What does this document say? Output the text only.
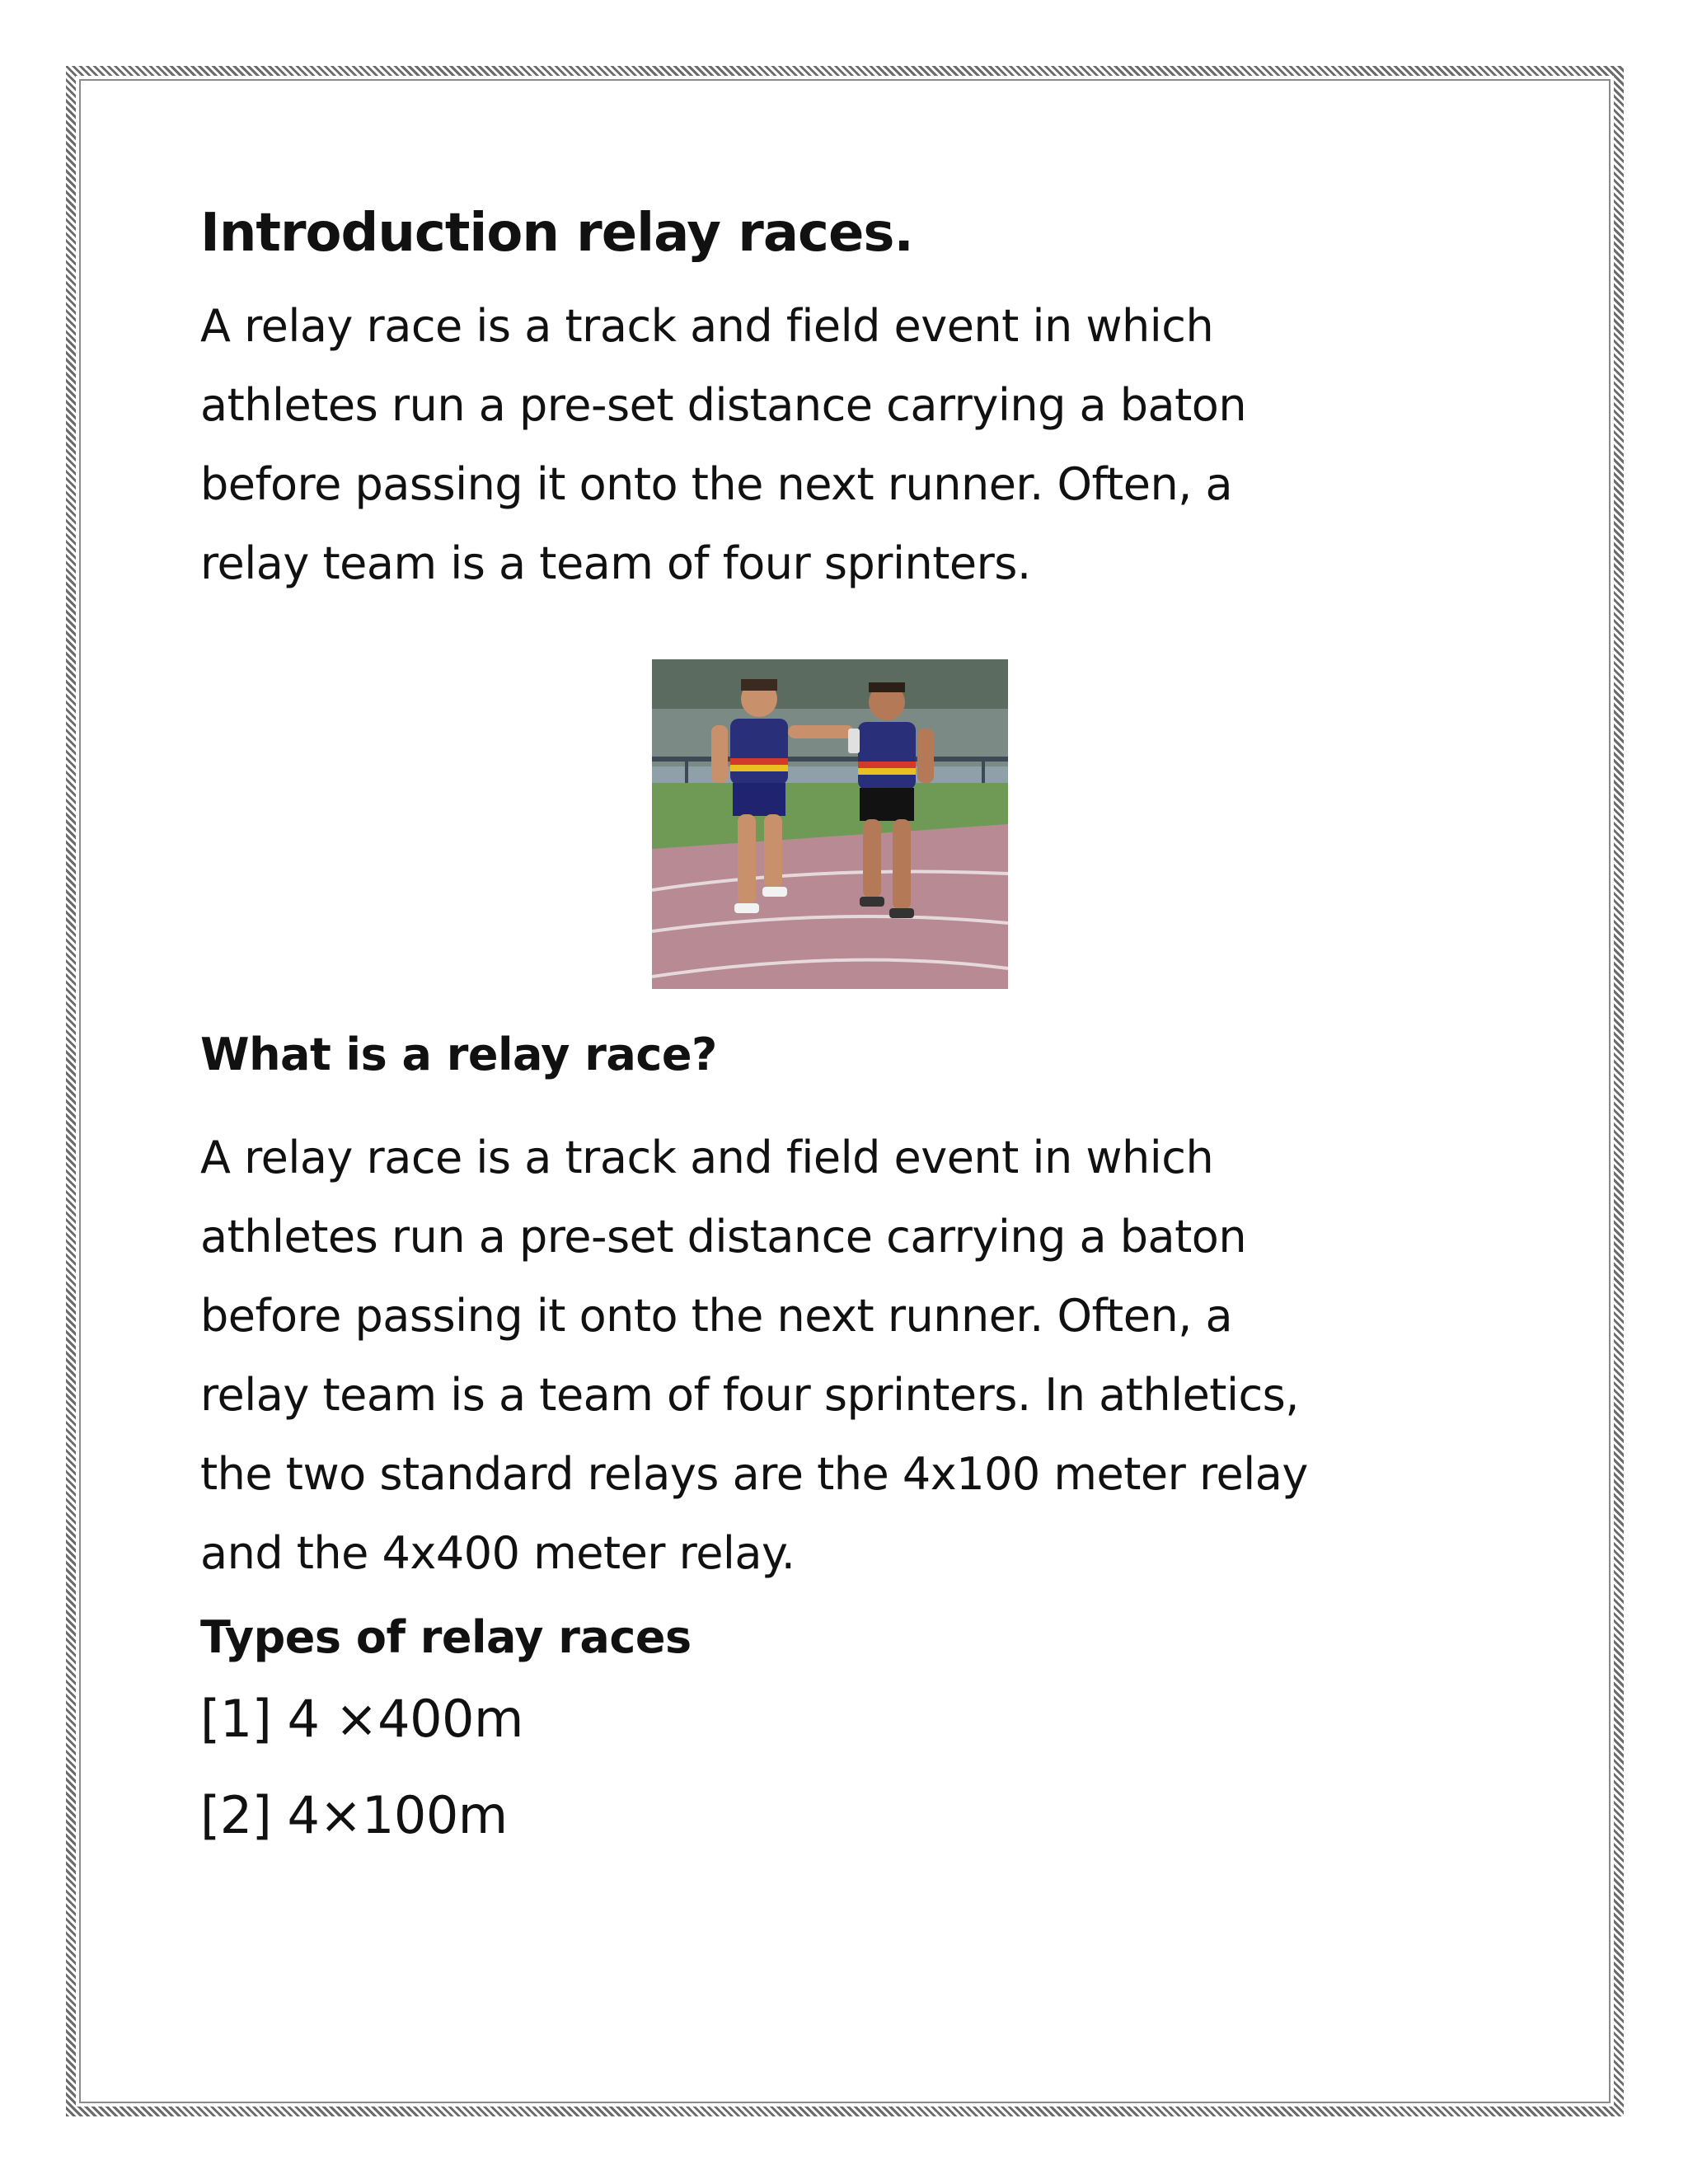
Introduction relay races.

A relay race is a track and field event in which
athletes run a pre-set distance carrying a baton
before passing it onto the next runner. Often, a
relay team is a team of four sprinters.

What is a relay race?

A relay race is a track and field event in which
athletes run a pre-set distance carrying a baton
before passing it onto the next runner. Often, a
relay team is a team of four sprinters. In athletics,
the two standard relays are the 4x100 meter relay
and the 4x400 meter relay.

Types of relay races
[1] 4 ×400m
[2] 4×100m
